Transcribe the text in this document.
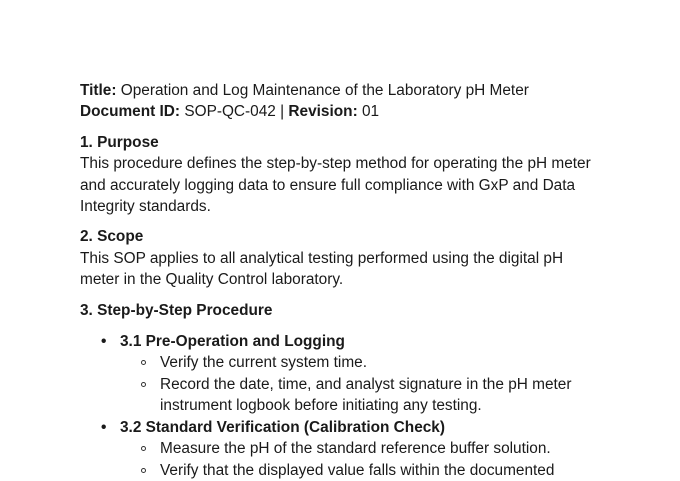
Title: Operation and Log Maintenance of the Laboratory pH Meter

Document ID: SOP-QC-042 | Revision: 01

1. Purpose

This procedure defines the step-by-step method for operating the pH meter

and accurately logging data to ensure full compliance with GxP and Data

Integrity standards.

2. Scope

This SOP applies to all analytical testing performed using the digital pH

meter in the Quality Control laboratory.

3. Step-by-Step Procedure

• 3.1 Pre-Operation and Logging
Verify the current system time.
Record the date, time, and analyst signature in the pH meter
instrument logbook before initiating any testing.
• 3.2 Standard Verification (Calibration Check)
Measure the pH of the standard reference buffer solution.
Verify that the displayed value falls within the documented
